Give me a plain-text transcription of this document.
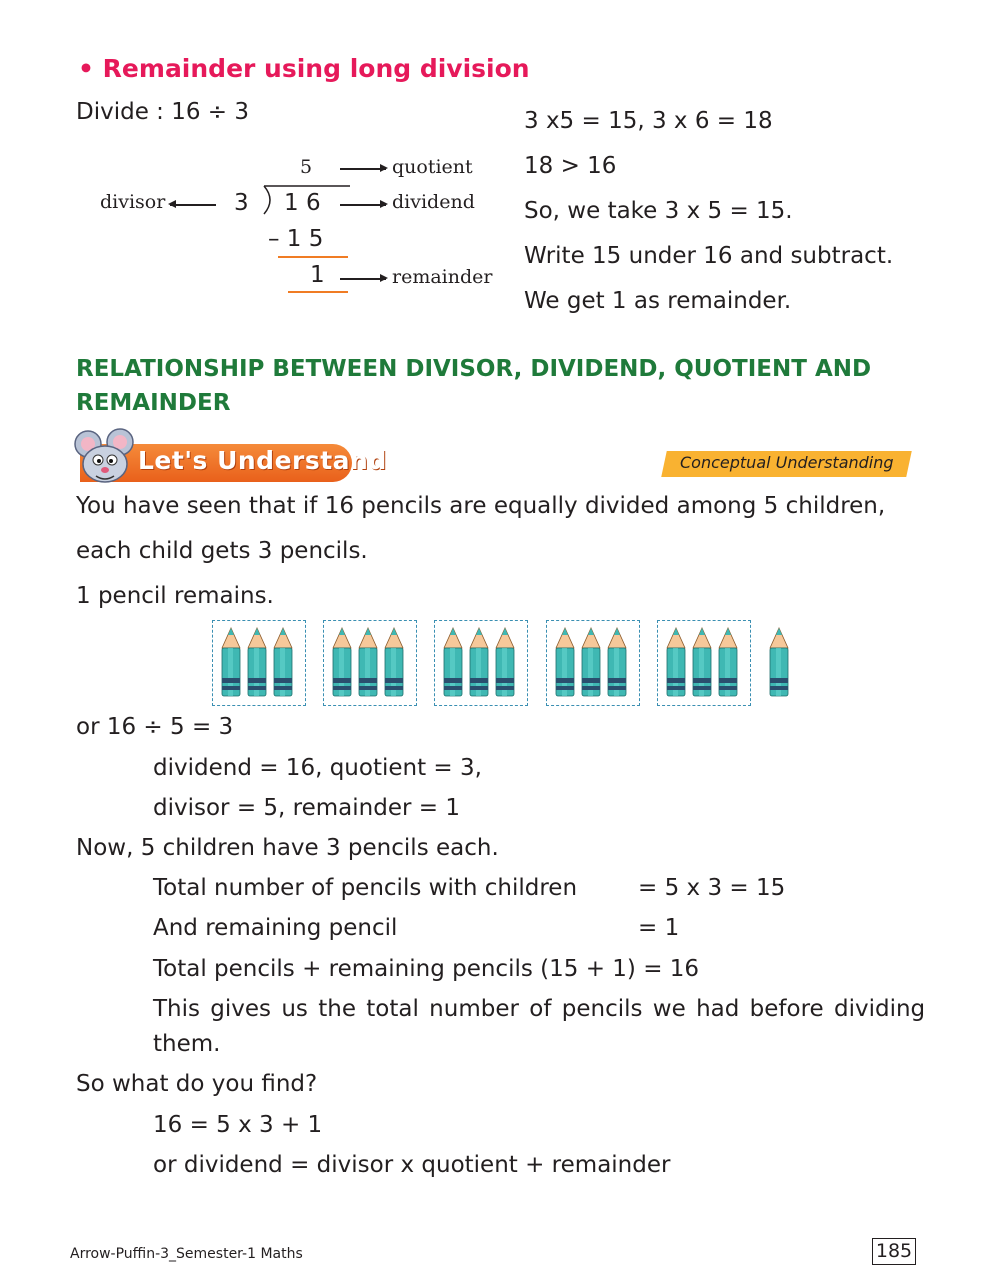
• Remainder using long division
Divide : 16 ÷ 3
5	quotient
divisor	3 1 6	dividend
– 1 5
1	remainder
3 x5 = 15, 3 x 6 = 18
18 > 16
So, we take 3 x 5 = 15.
Write 15 under 16 and subtract.
We get 1 as remainder.
RELATIONSHIP BETWEEN DIVISOR, DIVIDEND, QUOTIENT AND
REMAINDER
Let's Understand	Conceptual Understanding
You have seen that if 16 pencils are equally divided among 5 children,
each child gets 3 pencils.
1 pencil remains.
or 16 ÷ 5 = 3
dividend = 16, quotient = 3,
divisor = 5, remainder = 1
Now, 5 children have 3 pencils each.
Total number of pencils with children	= 5 x 3 = 15
And remaining pencil	= 1
Total pencils + remaining pencils (15 + 1) = 16
This gives us the total number of pencils we had before dividing
them.
So what do you find?
16 = 5 x 3 + 1
or dividend = divisor x quotient + remainder
Arrow-Puffin-3_Semester-1 Maths	185
